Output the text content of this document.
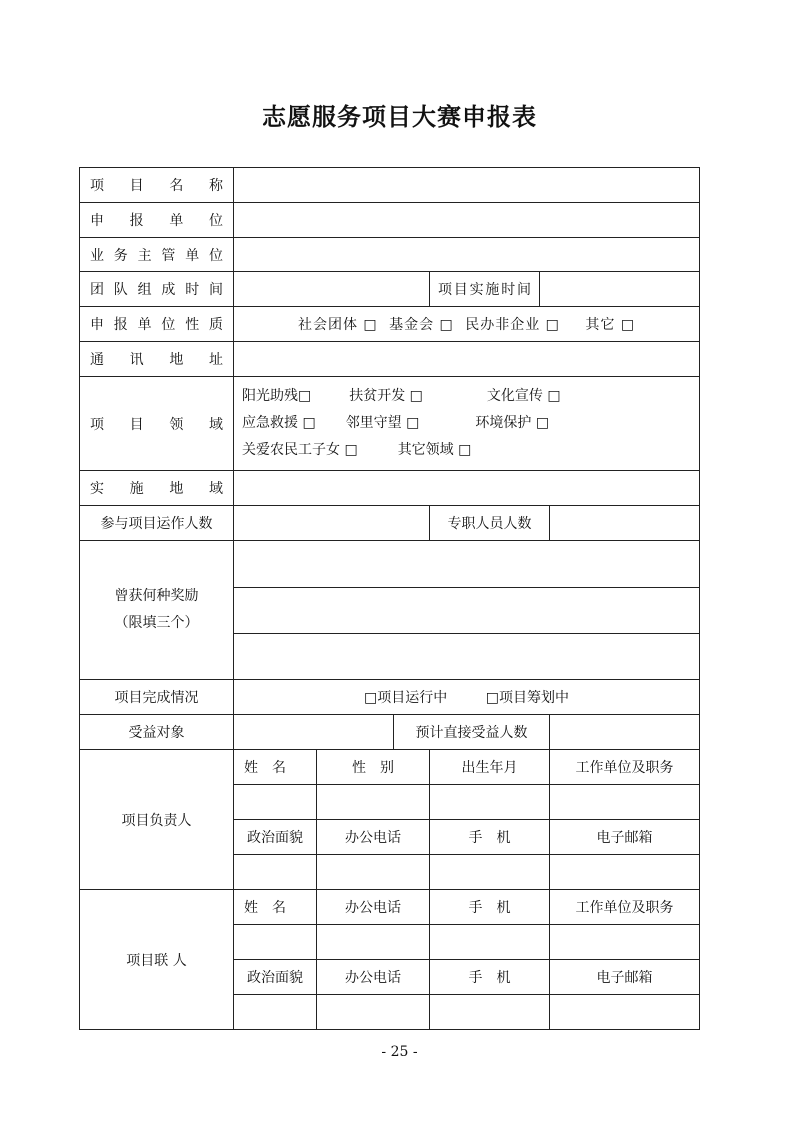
志愿服务项目大赛申报表
项目名称						
申报单位						
业务主管单位						
团队组成时间				项目实施时间		
申报单位性质	社会团体 □ 基金会 □ 民办非企业 □ 其它 □					
通讯地址						
项目领域	阳光助残□ 扶贫开发 □ 文化宣传 □
应急救援 □ 邻里守望 □ 环境保护 □
关爱农民工子女 □ 其它领域 □					

实施地域						
参与项目运作人数				专职人员人数		

曾获何种奖励
（限填三个）						

项目完成情况	□项目运行中 □项目筹划中					
受益对象			预计直接受益人数			
项目负责人	姓　名	性　别		出生年月		工作单位及职务

	政治面貌	办公电话		手　机		电子邮箱

项目联 人	姓　名	办公电话		手　机		工作单位及职务

	政治面貌	办公电话		手　机		电子邮箱

- 25 -
